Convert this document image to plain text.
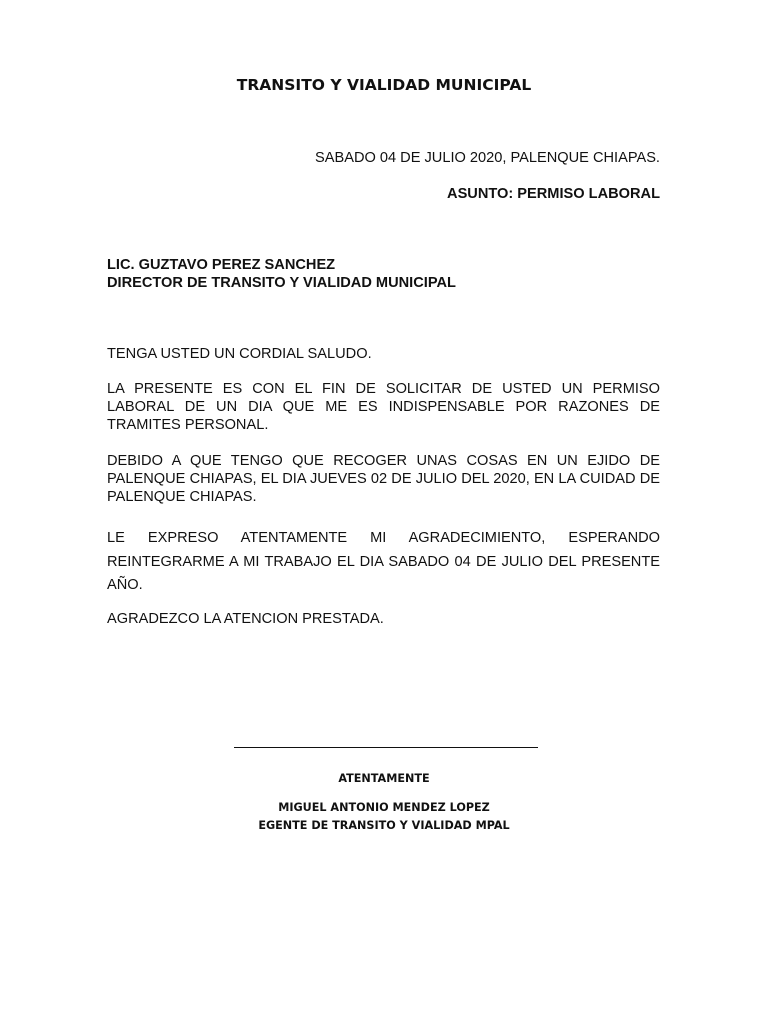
TRANSITO Y VIALIDAD MUNICIPAL
SABADO 04 DE JULIO 2020, PALENQUE CHIAPAS.
ASUNTO: PERMISO LABORAL
LIC. GUZTAVO PEREZ SANCHEZ
DIRECTOR DE TRANSITO Y VIALIDAD MUNICIPAL
TENGA USTED UN CORDIAL SALUDO.
LA PRESENTE ES CON EL FIN DE SOLICITAR DE USTED UN PERMISO LABORAL DE UN DIA QUE ME ES INDISPENSABLE POR RAZONES DE TRAMITES PERSONAL.
DEBIDO A QUE TENGO QUE RECOGER UNAS COSAS EN UN EJIDO DE PALENQUE CHIAPAS, EL DIA JUEVES 02 DE JULIO DEL 2020, EN LA CUIDAD DE PALENQUE CHIAPAS.
LE EXPRESO ATENTAMENTE MI AGRADECIMIENTO, ESPERANDO REINTEGRARME A MI TRABAJO EL DIA SABADO 04 DE JULIO DEL PRESENTE AÑO.
AGRADEZCO LA ATENCION PRESTADA.
ATENTAMENTE
MIGUEL ANTONIO MENDEZ LOPEZ
EGENTE DE TRANSITO Y VIALIDAD MPAL
